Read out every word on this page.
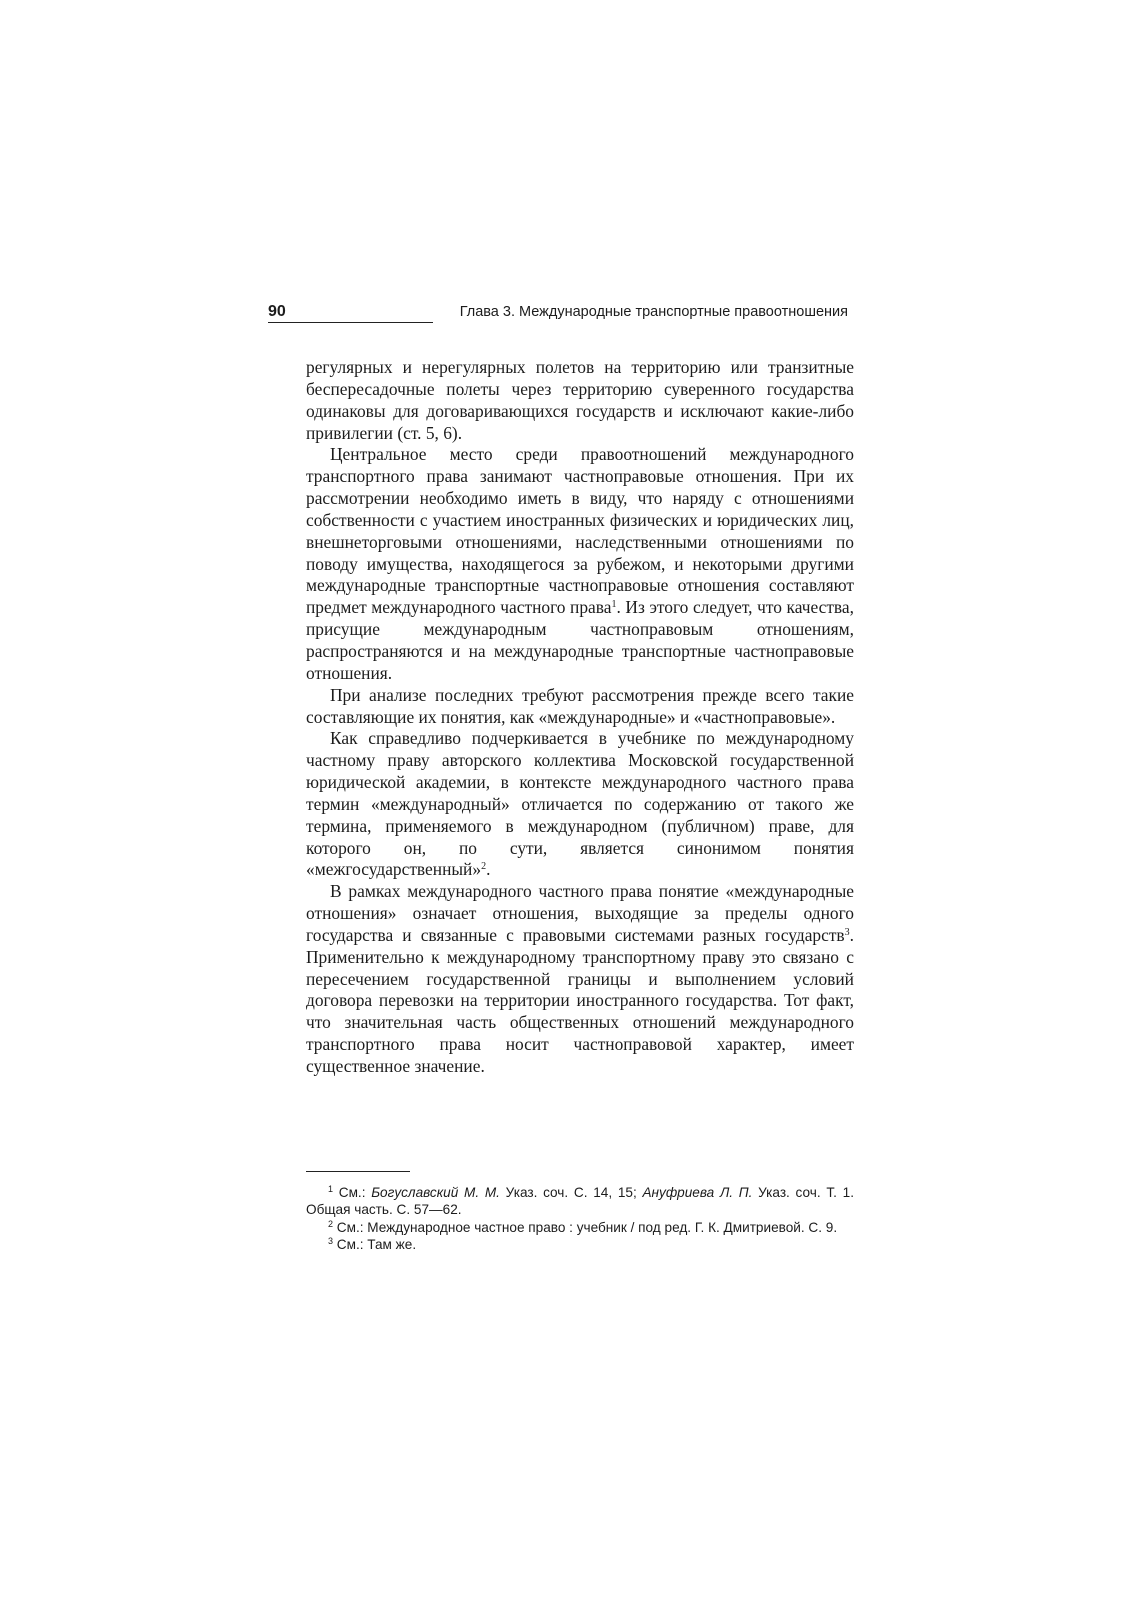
90	Глава 3. Международные транспортные правоотношения

регулярных и нерегулярных полетов на территорию или транзитные беспересадочные полеты через территорию суверенного государства одинаковы для договаривающихся государств и исключают какие-либо привилегии (ст. 5, 6).

Центральное место среди правоотношений международного транспортного права занимают частноправовые отношения. При их рассмотрении необходимо иметь в виду, что наряду с отношениями собственности с участием иностранных физических и юридических лиц, внешнеторговыми отношениями, наследственными отношениями по поводу имущества, находящегося за рубежом, и некоторыми другими международные транспортные частноправовые отношения составляют предмет международного частного права$^1$. Из этого следует, что качества, присущие международным частноправовым отношениям, распространяются и на международные транспортные частноправовые отношения.

При анализе последних требуют рассмотрения прежде всего такие составляющие их понятия, как «международные» и «частноправовые».

Как справедливо подчеркивается в учебнике по международному частному праву авторского коллектива Московской государственной юридической академии, в контексте международного частного права термин «международный» отличается по содержанию от такого же термина, применяемого в международном (публичном) праве, для которого он, по сути, является синонимом понятия «межгосударственный»$^2$.

В рамках международного частного права понятие «международные отношения» означает отношения, выходящие за пределы одного государства и связанные с правовыми системами разных государств$^3$. Применительно к международному транспортному праву это связано с пересечением государственной границы и выполнением условий договора перевозки на территории иностранного государства. Тот факт, что значительная часть общественных отношений международного транспортного права носит частноправовой характер, имеет существенное значение.

$^1$ См.: Богуславский М. М. Указ. соч. С. 14, 15; Ануфриева Л. П. Указ. соч. Т. 1. Общая часть. С. 57—62.

$^2$ См.: Международное частное право : учебник / под ред. Г. К. Дмитриевой. С. 9.

$^3$ См.: Там же.
